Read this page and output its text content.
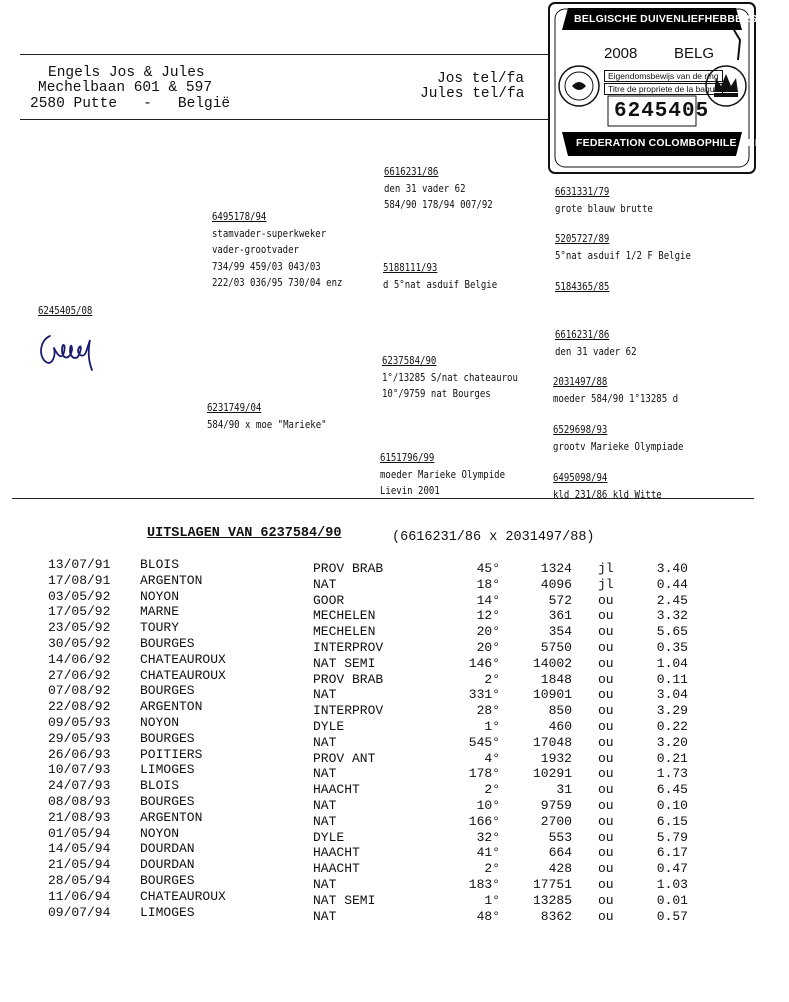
Engels Jos & Jules
Mechelbaan 601 & 597
2580 Putte   -   België
Jos tel/fa
Jules tel/fa
BELGISCHE DUIVENLIEFHEBBERSBOND
2008 BELG
Eigendomsbewijs van de ring
Titre de propriete de la bague
6245405
FEDERATION COLOMBOPHILE BELGE
6245405/08
6495178/94
stamvader-superkweker
vader-grootvader
734/99 459/03 043/03
222/03 036/95 730/04 enz
6231749/04
584/90 x moe "Marieke"
6616231/86
den 31 vader 62
584/90 178/94 007/92
5188111/93
d 5°nat asduif Belgie
6237584/90
1°/13285 S/nat chateaurou
10°/9759 nat Bourges
6151796/99
moeder Marieke Olympide
Lievin 2001
6631331/79
grote blauw brutte
5205727/89
5°nat asduif 1/2 F Belgie
5184365/85
6616231/86
den 31 vader 62
2031497/88
moeder 584/90 1°13285 d
6529698/93
grootv Marieke Olympiade
6495098/94
kld 231/86 kld Witte
UITSLAGEN VAN 6237584/90	(6616231/86 x 2031497/88)
13/07/91 BLOIS	PROV BRAB	45°	1324 jl	3.40
17/08/91 ARGENTON	NAT	18°	4096 jl	0.44
03/05/92 NOYON	GOOR	14°	572 ou	2.45
17/05/92 MARNE	MECHELEN	12°	361 ou	3.32
23/05/92 TOURY	MECHELEN	20°	354 ou	5.65
30/05/92 BOURGES	INTERPROV	20°	5750 ou	0.35
14/06/92 CHATEAUROUX	NAT SEMI	146°	14002 ou	1.04
27/06/92 CHATEAUROUX	PROV BRAB	2°	1848 ou	0.11
07/08/92 BOURGES	NAT	331°	10901 ou	3.04
22/08/92 ARGENTON	INTERPROV	28°	850 ou	3.29
09/05/93 NOYON	DYLE	1°	460 ou	0.22
29/05/93 BOURGES	NAT	545°	17048 ou	3.20
26/06/93 POITIERS	PROV ANT	4°	1932 ou	0.21
10/07/93 LIMOGES	NAT	178°	10291 ou	1.73
24/07/93 BLOIS	HAACHT	2°	31 ou	6.45
08/08/93 BOURGES	NAT	10°	9759 ou	0.10
21/08/93 ARGENTON	NAT	166°	2700 ou	6.15
01/05/94 NOYON	DYLE	32°	553 ou	5.79
14/05/94 DOURDAN	HAACHT	41°	664 ou	6.17
21/05/94 DOURDAN	HAACHT	2°	428 ou	0.47
28/05/94 BOURGES	NAT	183°	17751 ou	1.03
11/06/94 CHATEAUROUX	NAT SEMI	1°	13285 ou	0.01
09/07/94 LIMOGES	NAT	48°	8362 ou	0.57
